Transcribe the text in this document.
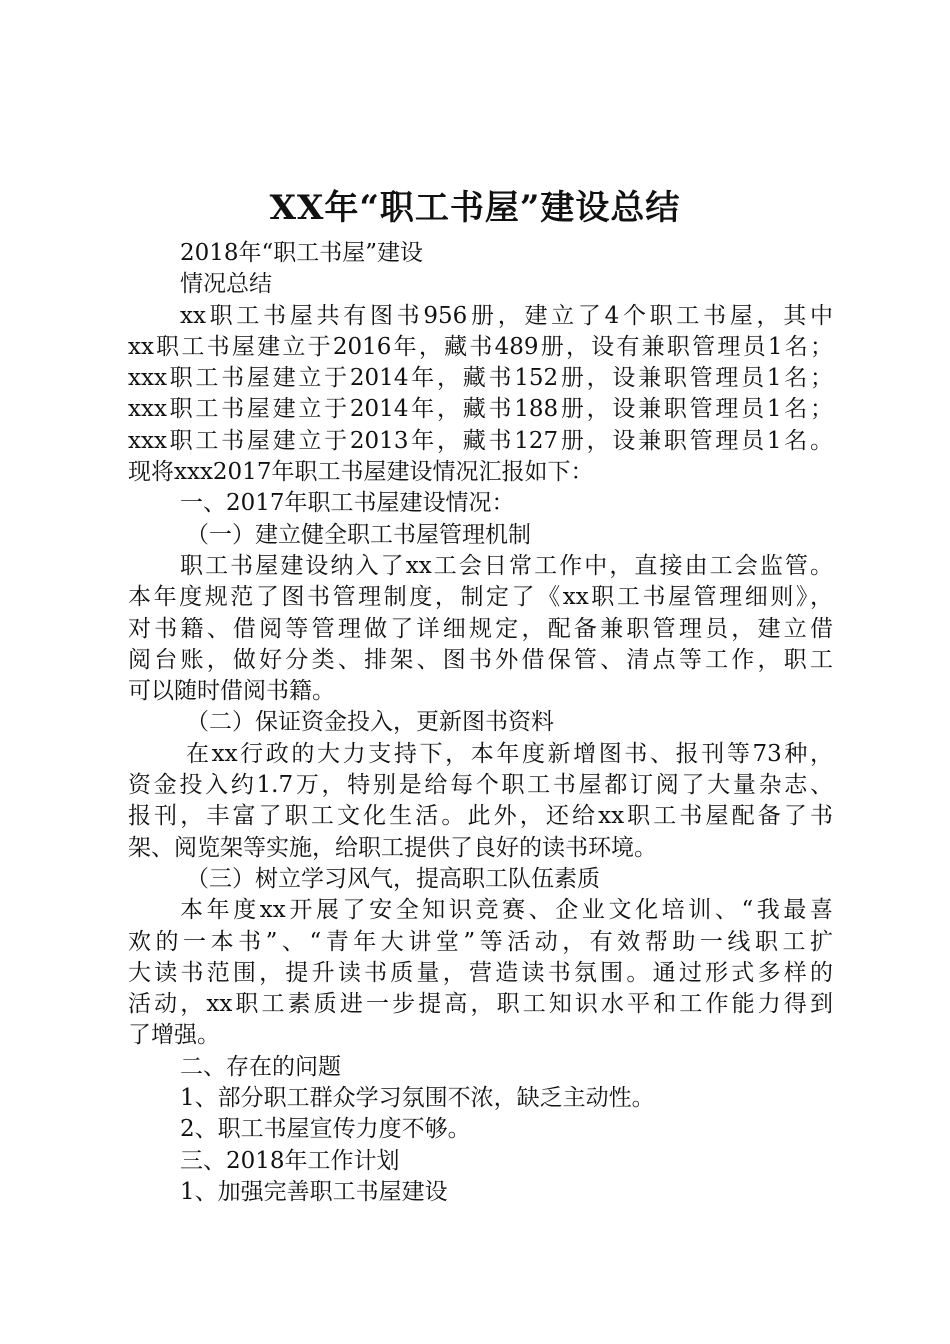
XX年“职工书屋”建设总结
2018年“职工书屋”建设
情况总结
xx职工书屋共有图书956册，建立了4个职工书屋，其中
xx职工书屋建立于2016年，藏书489册，设有兼职管理员1名；
xxx职工书屋建立于2014年，藏书152册，设兼职管理员1名；
xxx职工书屋建立于2014年，藏书188册，设兼职管理员1名；
xxx职工书屋建立于2013年，藏书127册，设兼职管理员1名。
现将xxx2017年职工书屋建设情况汇报如下：
一、2017年职工书屋建设情况：
（一）建立健全职工书屋管理机制
职工书屋建设纳入了xx工会日常工作中，直接由工会监管。
本年度规范了图书管理制度，制定了《xx职工书屋管理细则》，
对书籍、借阅等管理做了详细规定，配备兼职管理员，建立借
阅台账，做好分类、排架、图书外借保管、清点等工作，职工
可以随时借阅书籍。
（二）保证资金投入，更新图书资料
在xx行政的大力支持下，本年度新增图书、报刊等73种，
资金投入约1.7万，特别是给每个职工书屋都订阅了大量杂志、
报刊，丰富了职工文化生活。此外，还给xx职工书屋配备了书
架、阅览架等实施，给职工提供了良好的读书环境。
（三）树立学习风气，提高职工队伍素质
本年度xx开展了安全知识竞赛、企业文化培训、“我最喜
欢的一本书”、“青年大讲堂”等活动，有效帮助一线职工扩
大读书范围，提升读书质量，营造读书氛围。通过形式多样的
活动，xx职工素质进一步提高，职工知识水平和工作能力得到
了增强。
二、存在的问题
1、部分职工群众学习氛围不浓，缺乏主动性。
2、职工书屋宣传力度不够。
三、2018年工作计划
1、加强完善职工书屋建设
